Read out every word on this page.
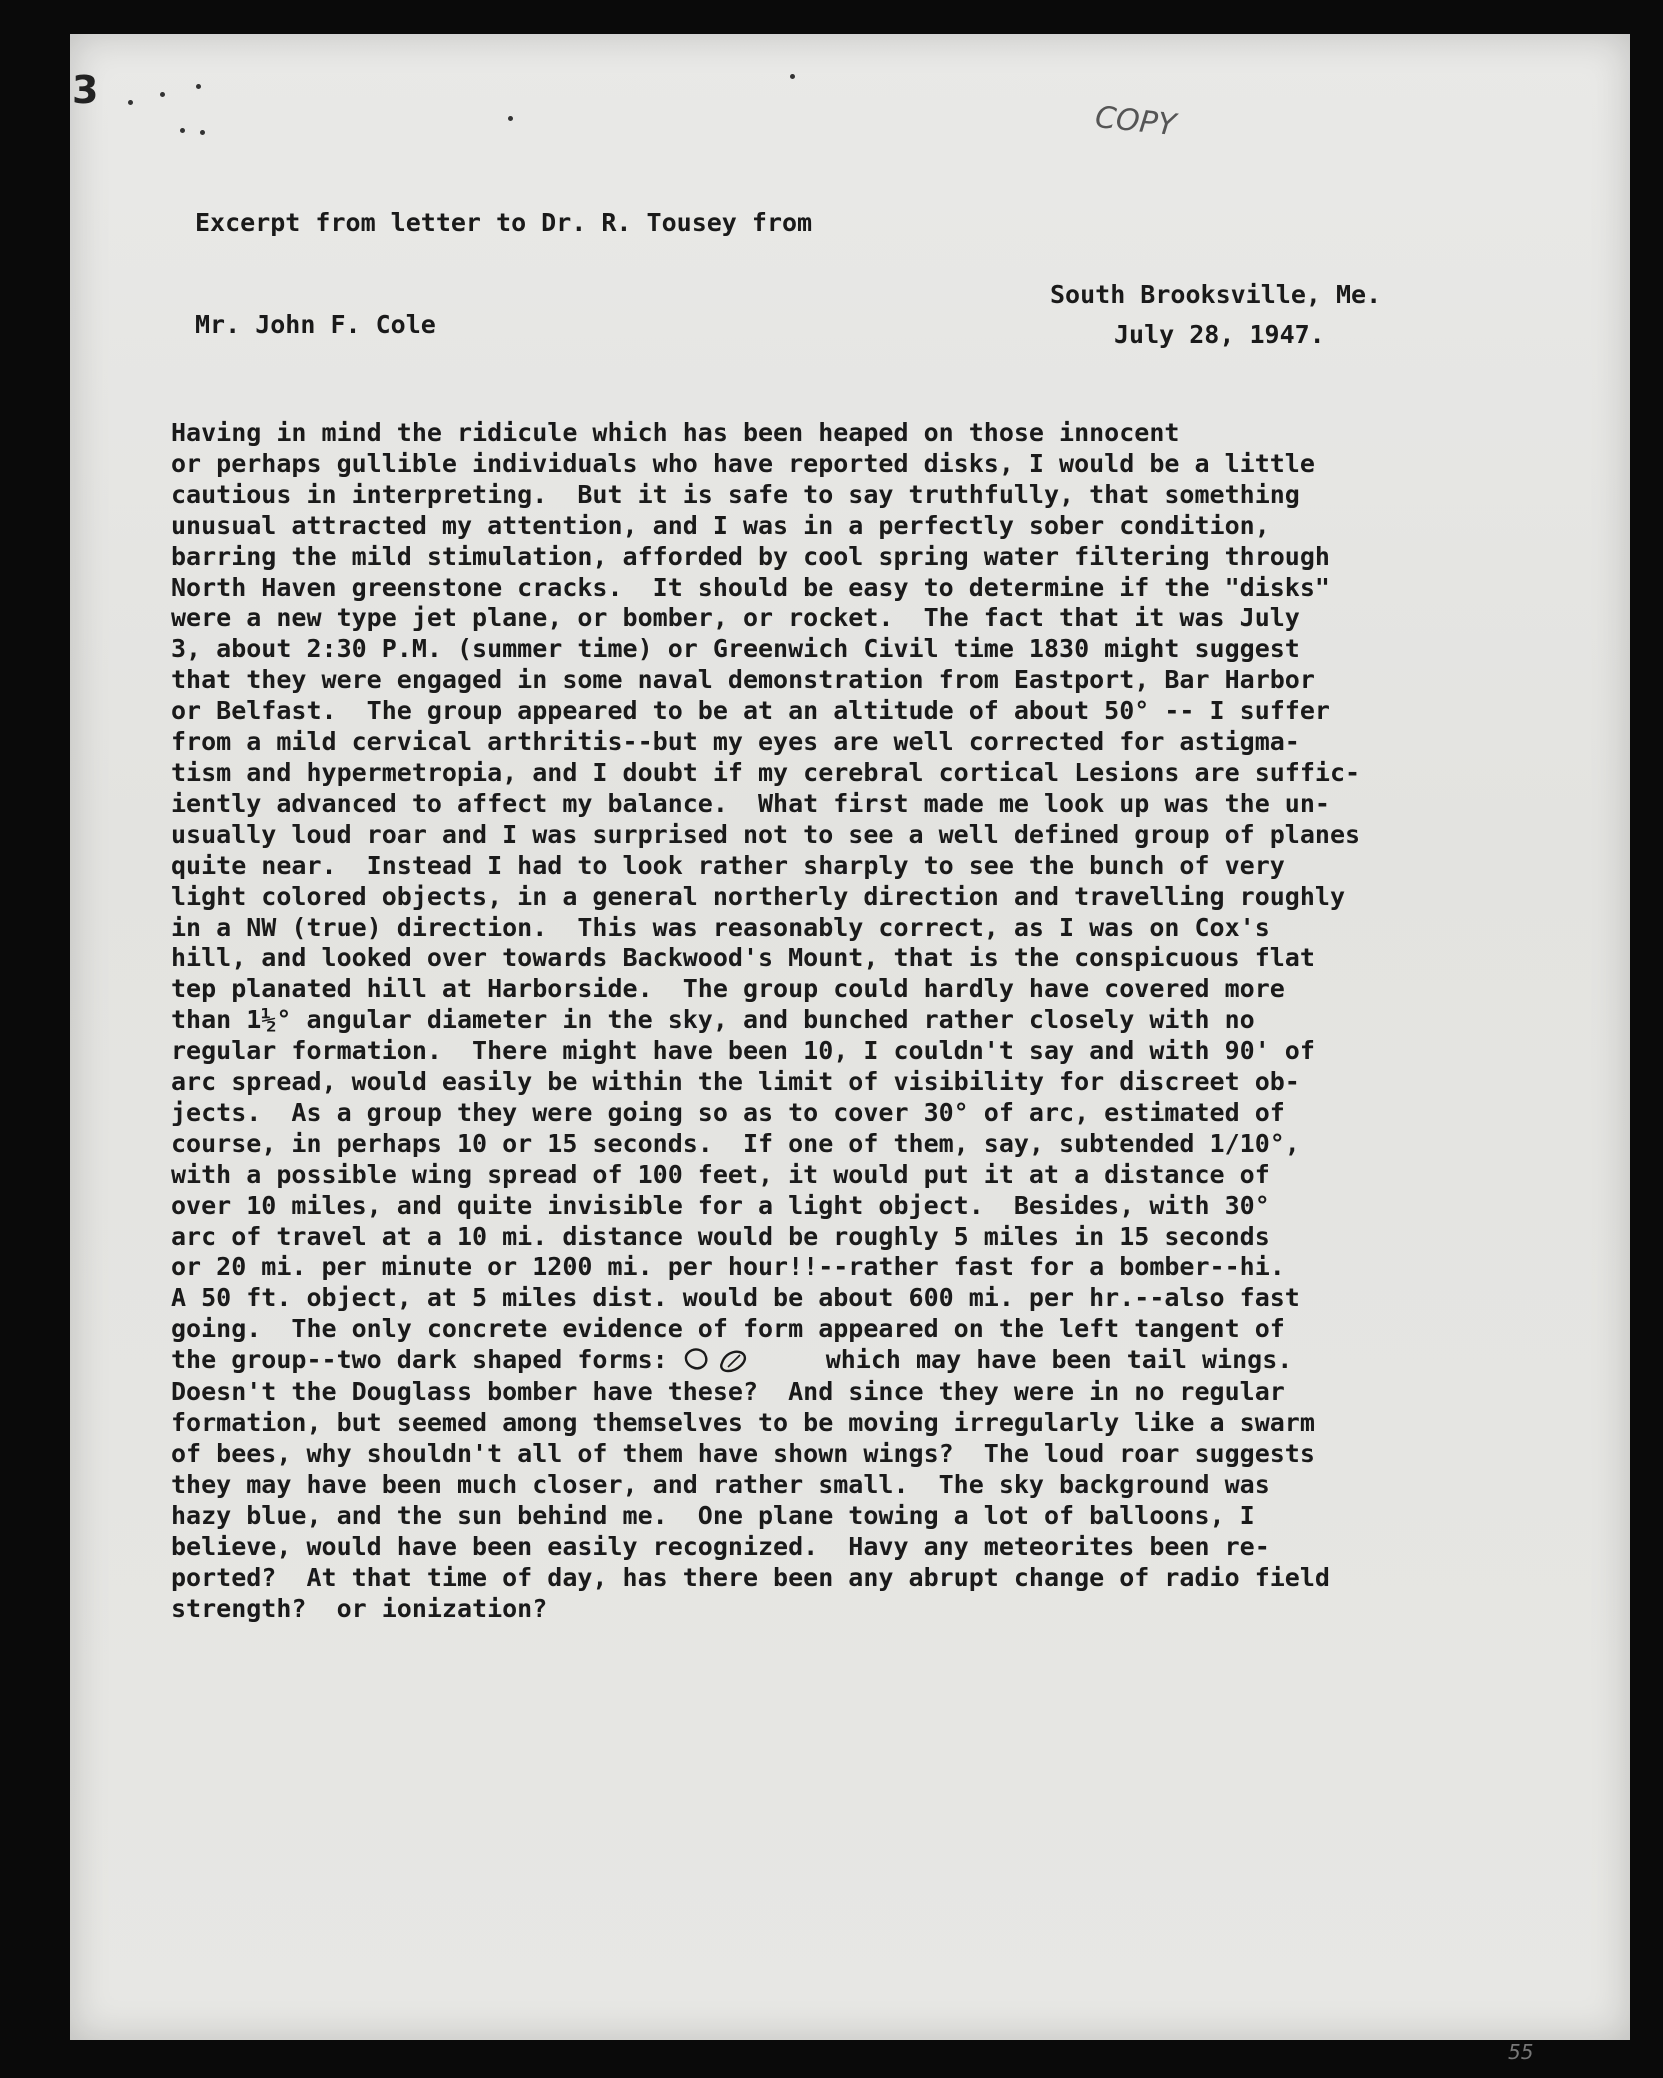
3
COPY

Excerpt from letter to Dr. R. Tousey from

Mr. John F. Cole

South Brooksville, Me.
July 28, 1947.
Having in mind the ridicule which has been heaped on those innocent
or perhaps gullible individuals who have reported disks, I would be a little
cautious in interpreting.  But it is safe to say truthfully, that something
unusual attracted my attention, and I was in a perfectly sober condition,
barring the mild stimulation, afforded by cool spring water filtering through
North Haven greenstone cracks.  It should be easy to determine if the "disks"
were a new type jet plane, or bomber, or rocket.  The fact that it was July
3, about 2:30 P.M. (summer time) or Greenwich Civil time 1830 might suggest
that they were engaged in some naval demonstration from Eastport, Bar Harbor
or Belfast.  The group appeared to be at an altitude of about 50° -- I suffer
from a mild cervical arthritis--but my eyes are well corrected for astigma-
tism and hypermetropia, and I doubt if my cerebral cortical Lesions are suffic-
iently advanced to affect my balance.  What first made me look up was the un-
usually loud roar and I was surprised not to see a well defined group of planes
quite near.  Instead I had to look rather sharply to see the bunch of very
light colored objects, in a general northerly direction and travelling roughly
in a NW (true) direction.  This was reasonably correct, as I was on Cox's
hill, and looked over towards Backwood's Mount, that is the conspicuous flat
tep planated hill at Harborside.  The group could hardly have covered more
than 1½° angular diameter in the sky, and bunched rather closely with no
regular formation.  There might have been 10, I couldn't say and with 90' of
arc spread, would easily be within the limit of visibility for discreet ob-
jects.  As a group they were going so as to cover 30° of arc, estimated of
course, in perhaps 10 or 15 seconds.  If one of them, say, subtended 1/10°,
with a possible wing spread of 100 feet, it would put it at a distance of
over 10 miles, and quite invisible for a light object.  Besides, with 30°
arc of travel at a 10 mi. distance would be roughly 5 miles in 15 seconds
or 20 mi. per minute or 1200 mi. per hour!!--rather fast for a bomber--hi.
A 50 ft. object, at 5 miles dist. would be about 600 mi. per hr.--also fast
going.  The only concrete evidence of form appeared on the left tangent of
the group--two dark shaped forms:	which may have been tail wings.
Doesn't the Douglass bomber have these?  And since they were in no regular
formation, but seemed among themselves to be moving irregularly like a swarm
of bees, why shouldn't all of them have shown wings?  The loud roar suggests
they may have been much closer, and rather small.  The sky background was
hazy blue, and the sun behind me.  One plane towing a lot of balloons, I
believe, would have been easily recognized.  Havy any meteorites been re-
ported?  At that time of day, has there been any abrupt change of radio field
strength?  or ionization?
55
